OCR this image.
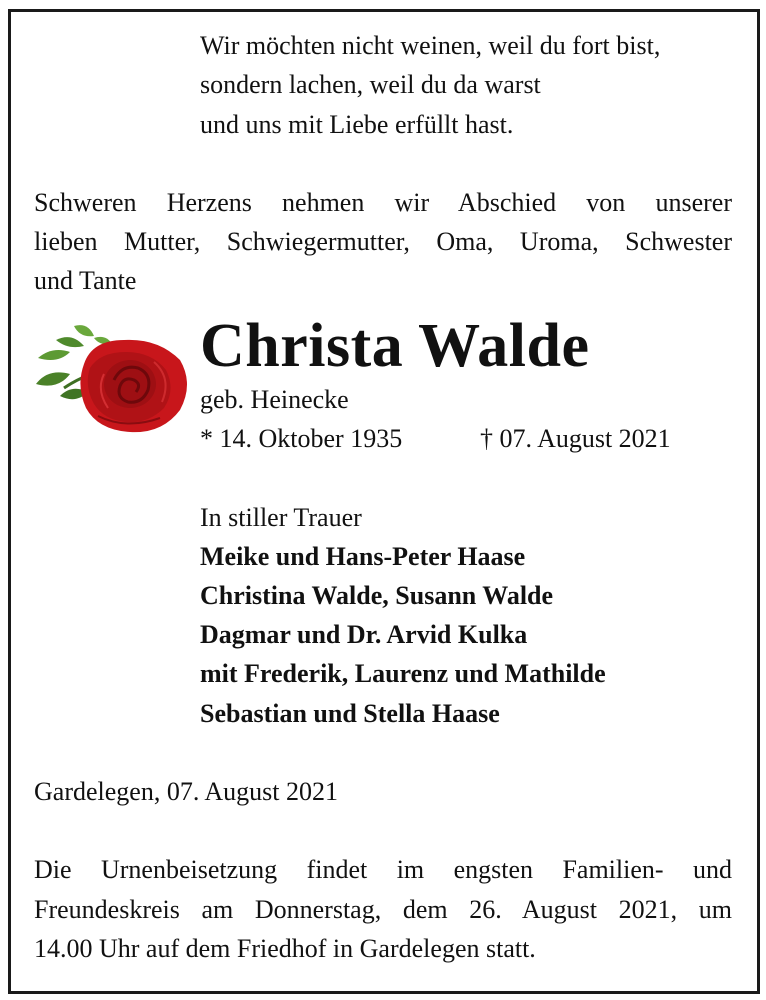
Wir möchten nicht weinen, weil du fort bist,
sondern lachen, weil du da warst
und uns mit Liebe erfüllt hast.
Schweren Herzens nehmen wir Abschied von unserer
lieben Mutter, Schwiegermutter, Oma, Uroma, Schwester
und Tante
Christa Walde
geb. Heinecke
* 14. Oktober 1935	† 07. August 2021
In stiller Trauer
Meike und Hans-Peter Haase
Christina Walde, Susann Walde
Dagmar und Dr. Arvid Kulka
mit Frederik, Laurenz und Mathilde
Sebastian und Stella Haase
Gardelegen, 07. August 2021
Die Urnenbeisetzung findet im engsten Familien- und
Freundeskreis am Donnerstag, dem 26. August 2021, um
14.00 Uhr auf dem Friedhof in Gardelegen statt.
